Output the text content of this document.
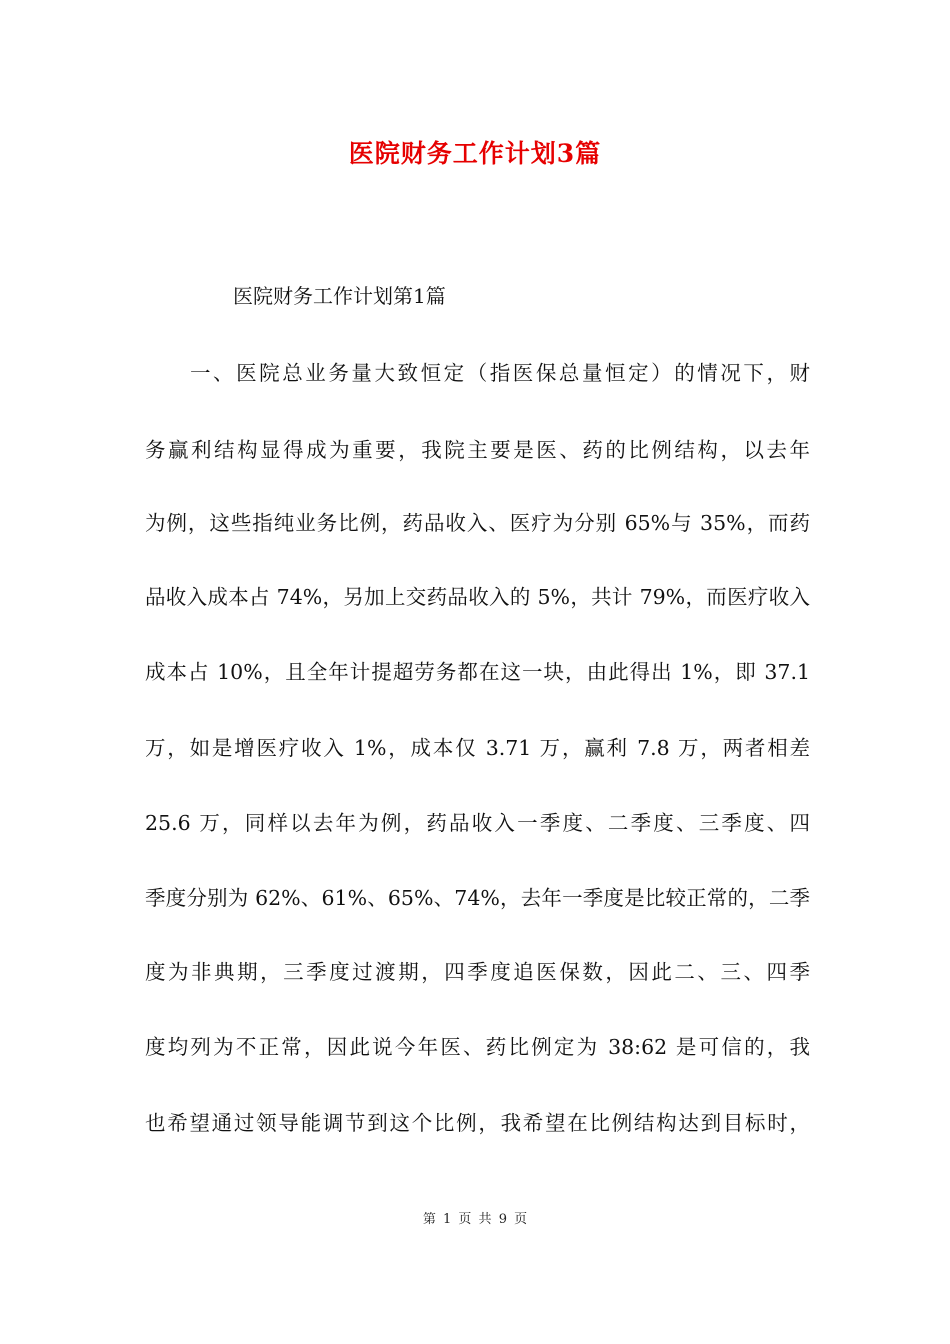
医院财务工作计划3篇
医院财务工作计划第1篇
一、医院总业务量大致恒定（指医保总量恒定）的情况下，财
务赢利结构显得成为重要，我院主要是医、药的比例结构，以去年
为例，这些指纯业务比例，药品收入、医疗为分别 65%与 35%，而药
品收入成本占 74%，另加上交药品收入的 5%，共计 79%，而医疗收入
成本占 10%，且全年计提超劳务都在这一块，由此得出 1%，即 37.1
万，如是增医疗收入 1%，成本仅 3.71 万，赢利 7.8 万，两者相差
25.6 万，同样以去年为例，药品收入一季度、二季度、三季度、四
季度分别为 62%、61%、65%、74%，去年一季度是比较正常的，二季
度为非典期，三季度过渡期，四季度追医保数，因此二、三、四季
度均列为不正常，因此说今年医、药比例定为 38:62 是可信的，我
也希望通过领导能调节到这个比例，我希望在比例结构达到目标时，
第 1 页 共 9 页
